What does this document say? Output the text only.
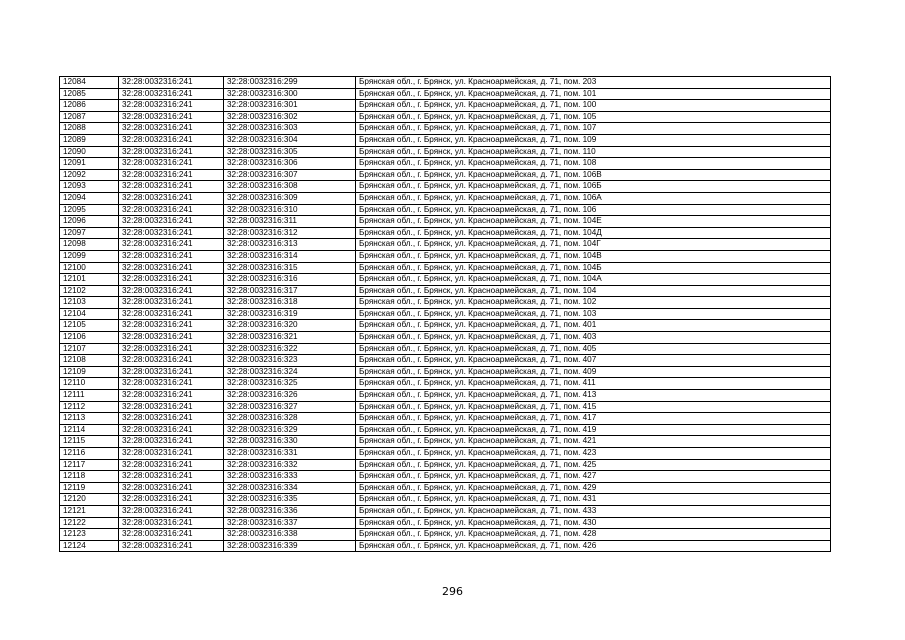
12084	32:28:0032316:241	32:28:0032316:299	Брянская обл., г. Брянск, ул. Красноармейская, д. 71, пом. 203
12085	32:28:0032316:241	32:28:0032316:300	Брянская обл., г. Брянск, ул. Красноармейская, д. 71, пом. 101
12086	32:28:0032316:241	32:28:0032316:301	Брянская обл., г. Брянск, ул. Красноармейская, д. 71, пом. 100
12087	32:28:0032316:241	32:28:0032316:302	Брянская обл., г. Брянск, ул. Красноармейская, д. 71, пом. 105
12088	32:28:0032316:241	32:28:0032316:303	Брянская обл., г. Брянск, ул. Красноармейская, д. 71, пом. 107
12089	32:28:0032316:241	32:28:0032316:304	Брянская обл., г. Брянск, ул. Красноармейская, д. 71, пом. 109
12090	32:28:0032316:241	32:28:0032316:305	Брянская обл., г. Брянск, ул. Красноармейская, д. 71, пом. 110
12091	32:28:0032316:241	32:28:0032316:306	Брянская обл., г. Брянск, ул. Красноармейская, д. 71, пом. 108
12092	32:28:0032316:241	32:28:0032316:307	Брянская обл., г. Брянск, ул. Красноармейская, д. 71, пом. 106В
12093	32:28:0032316:241	32:28:0032316:308	Брянская обл., г. Брянск, ул. Красноармейская, д. 71, пом. 106Б
12094	32:28:0032316:241	32:28:0032316:309	Брянская обл., г. Брянск, ул. Красноармейская, д. 71, пом. 106А
12095	32:28:0032316:241	32:28:0032316:310	Брянская обл., г. Брянск, ул. Красноармейская, д. 71, пом. 106
12096	32:28:0032316:241	32:28:0032316:311	Брянская обл., г. Брянск, ул. Красноармейская, д. 71, пом. 104Е
12097	32:28:0032316:241	32:28:0032316:312	Брянская обл., г. Брянск, ул. Красноармейская, д. 71, пом. 104Д
12098	32:28:0032316:241	32:28:0032316:313	Брянская обл., г. Брянск, ул. Красноармейская, д. 71, пом. 104Г
12099	32:28:0032316:241	32:28:0032316:314	Брянская обл., г. Брянск, ул. Красноармейская, д. 71, пом. 104В
12100	32:28:0032316:241	32:28:0032316:315	Брянская обл., г. Брянск, ул. Красноармейская, д. 71, пом. 104Б
12101	32:28:0032316:241	32:28:0032316:316	Брянская обл., г. Брянск, ул. Красноармейская, д. 71, пом. 104А
12102	32:28:0032316:241	32:28:0032316:317	Брянская обл., г. Брянск, ул. Красноармейская, д. 71, пом. 104
12103	32:28:0032316:241	32:28:0032316:318	Брянская обл., г. Брянск, ул. Красноармейская, д. 71, пом. 102
12104	32:28:0032316:241	32:28:0032316:319	Брянская обл., г. Брянск, ул. Красноармейская, д. 71, пом. 103
12105	32:28:0032316:241	32:28:0032316:320	Брянская обл., г. Брянск, ул. Красноармейская, д. 71, пом. 401
12106	32:28:0032316:241	32:28:0032316:321	Брянская обл., г. Брянск, ул. Красноармейская, д. 71, пом. 403
12107	32:28:0032316:241	32:28:0032316:322	Брянская обл., г. Брянск, ул. Красноармейская, д. 71, пом. 405
12108	32:28:0032316:241	32:28:0032316:323	Брянская обл., г. Брянск, ул. Красноармейская, д. 71, пом. 407
12109	32:28:0032316:241	32:28:0032316:324	Брянская обл., г. Брянск, ул. Красноармейская, д. 71, пом. 409
12110	32:28:0032316:241	32:28:0032316:325	Брянская обл., г. Брянск, ул. Красноармейская, д. 71, пом. 411
12111	32:28:0032316:241	32:28:0032316:326	Брянская обл., г. Брянск, ул. Красноармейская, д. 71, пом. 413
12112	32:28:0032316:241	32:28:0032316:327	Брянская обл., г. Брянск, ул. Красноармейская, д. 71, пом. 415
12113	32:28:0032316:241	32:28:0032316:328	Брянская обл., г. Брянск, ул. Красноармейская, д. 71, пом. 417
12114	32:28:0032316:241	32:28:0032316:329	Брянская обл., г. Брянск, ул. Красноармейская, д. 71, пом. 419
12115	32:28:0032316:241	32:28:0032316:330	Брянская обл., г. Брянск, ул. Красноармейская, д. 71, пом. 421
12116	32:28:0032316:241	32:28:0032316:331	Брянская обл., г. Брянск, ул. Красноармейская, д. 71, пом. 423
12117	32:28:0032316:241	32:28:0032316:332	Брянская обл., г. Брянск, ул. Красноармейская, д. 71, пом. 425
12118	32:28:0032316:241	32:28:0032316:333	Брянская обл., г. Брянск, ул. Красноармейская, д. 71, пом. 427
12119	32:28:0032316:241	32:28:0032316:334	Брянская обл., г. Брянск, ул. Красноармейская, д. 71, пом. 429
12120	32:28:0032316:241	32:28:0032316:335	Брянская обл., г. Брянск, ул. Красноармейская, д. 71, пом. 431
12121	32:28:0032316:241	32:28:0032316:336	Брянская обл., г. Брянск, ул. Красноармейская, д. 71, пом. 433
12122	32:28:0032316:241	32:28:0032316:337	Брянская обл., г. Брянск, ул. Красноармейская, д. 71, пом. 430
12123	32:28:0032316:241	32:28:0032316:338	Брянская обл., г. Брянск, ул. Красноармейская, д. 71, пом. 428
12124	32:28:0032316:241	32:28:0032316:339	Брянская обл., г. Брянск, ул. Красноармейская, д. 71, пом. 426
296
